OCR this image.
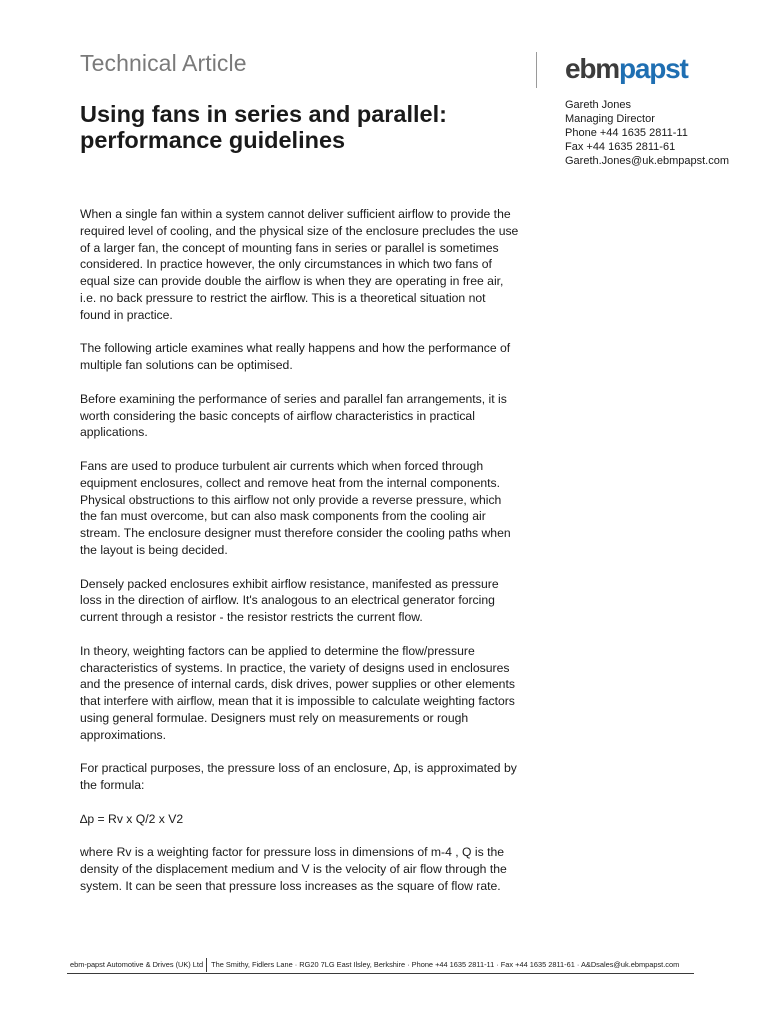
Technical Article
Using fans in series and parallel:
performance guidelines
ebmpapst
Gareth Jones
Managing Director
Phone +44 1635 2811-11
Fax +44 1635 2811-61
Gareth.Jones@uk.ebmpapst.com

When a single fan within a system cannot deliver sufficient airflow to provide the
required level of cooling, and the physical size of the enclosure precludes the use
of a larger fan, the concept of mounting fans in series or parallel is sometimes
considered. In practice however, the only circumstances in which two fans of
equal size can provide double the airflow is when they are operating in free air,
i.e. no back pressure to restrict the airflow. This is a theoretical situation not
found in practice.

The following article examines what really happens and how the performance of
multiple fan solutions can be optimised.

Before examining the performance of series and parallel fan arrangements, it is
worth considering the basic concepts of airflow characteristics in practical
applications.

Fans are used to produce turbulent air currents which when forced through
equipment enclosures, collect and remove heat from the internal components.
Physical obstructions to this airflow not only provide a reverse pressure, which
the fan must overcome, but can also mask components from the cooling air
stream. The enclosure designer must therefore consider the cooling paths when
the layout is being decided.

Densely packed enclosures exhibit airflow resistance, manifested as pressure
loss in the direction of airflow. It's analogous to an electrical generator forcing
current through a resistor - the resistor restricts the current flow.

In theory, weighting factors can be applied to determine the flow/pressure
characteristics of systems. In practice, the variety of designs used in enclosures
and the presence of internal cards, disk drives, power supplies or other elements
that interfere with airflow, mean that it is impossible to calculate weighting factors
using general formulae. Designers must rely on measurements or rough
approximations.

For practical purposes, the pressure loss of an enclosure, ∆p, is approximated by
the formula:

∆p = Rv x Q/2 x V2

where Rv is a weighting factor for pressure loss in dimensions of m-4 , Q is the
density of the displacement medium and V is the velocity of air flow through the
system. It can be seen that pressure loss increases as the square of flow rate.

ebm-papst Automotive & Drives (UK) Ltd The Smithy, Fidlers Lane · RG20 7LG East Ilsley, Berkshire · Phone +44 1635 2811-11 · Fax +44 1635 2811-61 · A&Dsales@uk.ebmpapst.com
